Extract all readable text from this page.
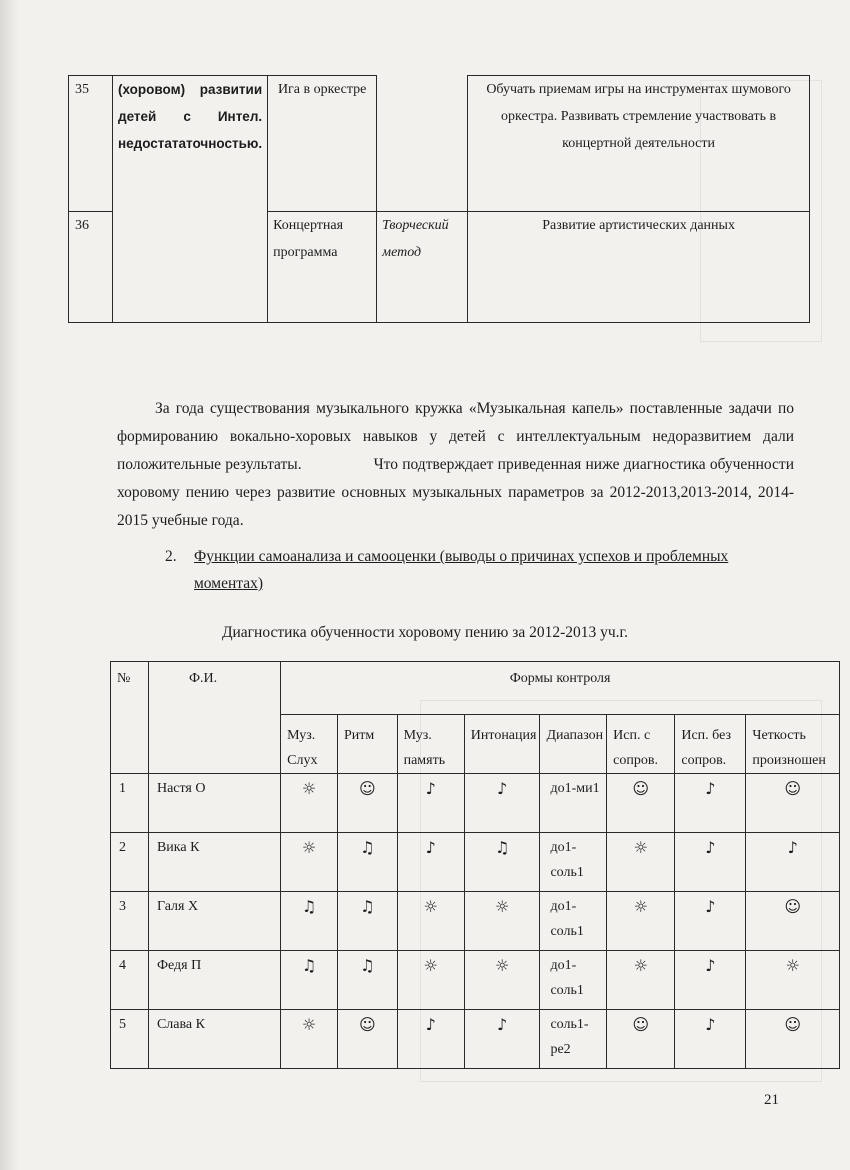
35	(хоровом) развитии детей с Интел. недостататочностью.	Ига в оркестре		Обучать приемам игры на инструментах шумового оркестра. Развивать стремление участвовать в концертной деятельности
36		Концертная программа	Творческий метод	Развитие артистических данных

За года существования музыкального кружка «Музыкальная капель» поставленные задачи по формированию вокально-хоровых навыков у детей с интеллектуальным недоразвитием дали положительные результаты.	Что подтверждает приведенная ниже диагностика обученности хоровому пению через развитие основных музыкальных параметров за 2012-2013,2013-2014, 2014-2015 учебные года.

2. Функции самоанализа и самооценки (выводы о причинах успехов и проблемных моментах)

Диагностика обученности хоровому пению за 2012-2013 уч.г.

№	Ф.И.	Формы контроля							
		Муз. Слух	Ритм	Муз. память	Интонация	Диапазон	Исп. с сопров.	Исп. без сопров.	Четкость произношен
1	Настя О	☼	☺	♪	♪	до1-ми1	☺	♪	☺
2	Вика К	☼	♫	♪	♫	до1-соль1	☼	♪	♪
3	Галя Х	♫	♫	☼	☼	до1-соль1	☼	♪	☺
4	Федя П	♫	♫	☼	☼	до1-соль1	☼	♪	☼
5	Слава К	☼	☺	♪	♪	соль1-ре2	☺	♪	☺

21
